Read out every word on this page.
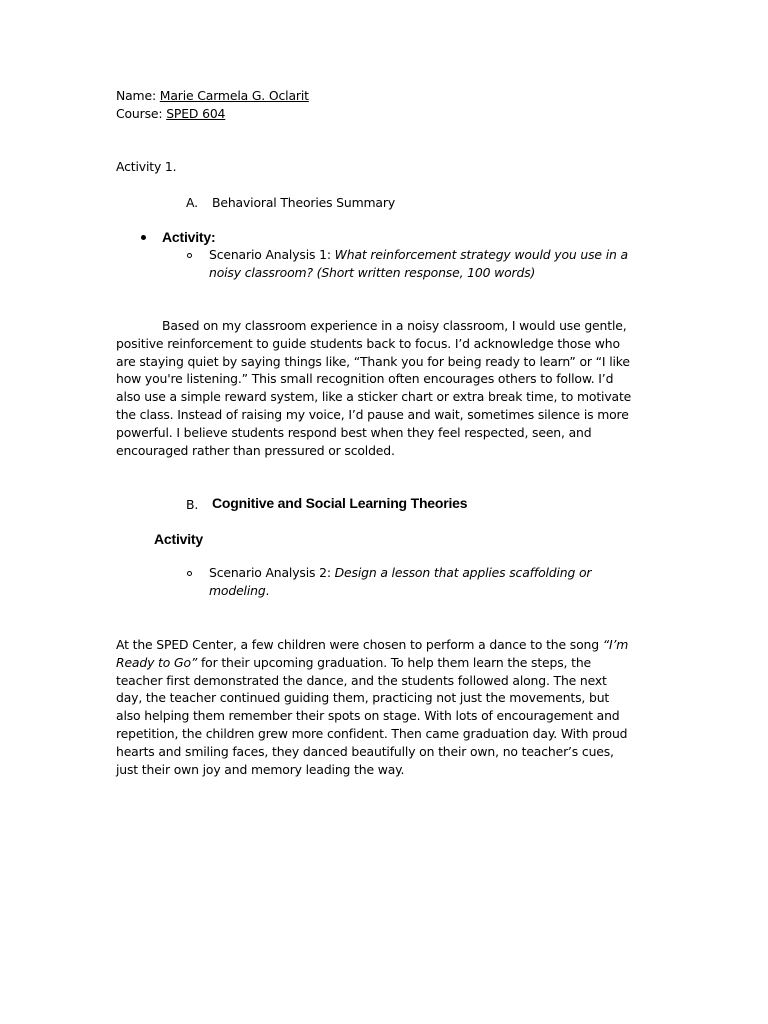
Name: Marie Carmela G. Oclarit
Course: SPED 604
Activity 1.
A. Behavioral Theories Summary
Activity:
Scenario Analysis 1: What reinforcement strategy would you use in a
noisy classroom? (Short written response, 100 words)
Based on my classroom experience in a noisy classroom, I would use gentle,
positive reinforcement to guide students back to focus. I’d acknowledge those who
are staying quiet by saying things like, “Thank you for being ready to learn” or “I like
how you're listening.” This small recognition often encourages others to follow. I’d
also use a simple reward system, like a sticker chart or extra break time, to motivate
the class. Instead of raising my voice, I’d pause and wait, sometimes silence is more
powerful. I believe students respond best when they feel respected, seen, and
encouraged rather than pressured or scolded.
B. Cognitive and Social Learning Theories
Activity
Scenario Analysis 2: Design a lesson that applies scaffolding or
modeling.
At the SPED Center, a few children were chosen to perform a dance to the song “I’m
Ready to Go” for their upcoming graduation. To help them learn the steps, the
teacher first demonstrated the dance, and the students followed along. The next
day, the teacher continued guiding them, practicing not just the movements, but
also helping them remember their spots on stage. With lots of encouragement and
repetition, the children grew more confident. Then came graduation day. With proud
hearts and smiling faces, they danced beautifully on their own, no teacher’s cues,
just their own joy and memory leading the way.
